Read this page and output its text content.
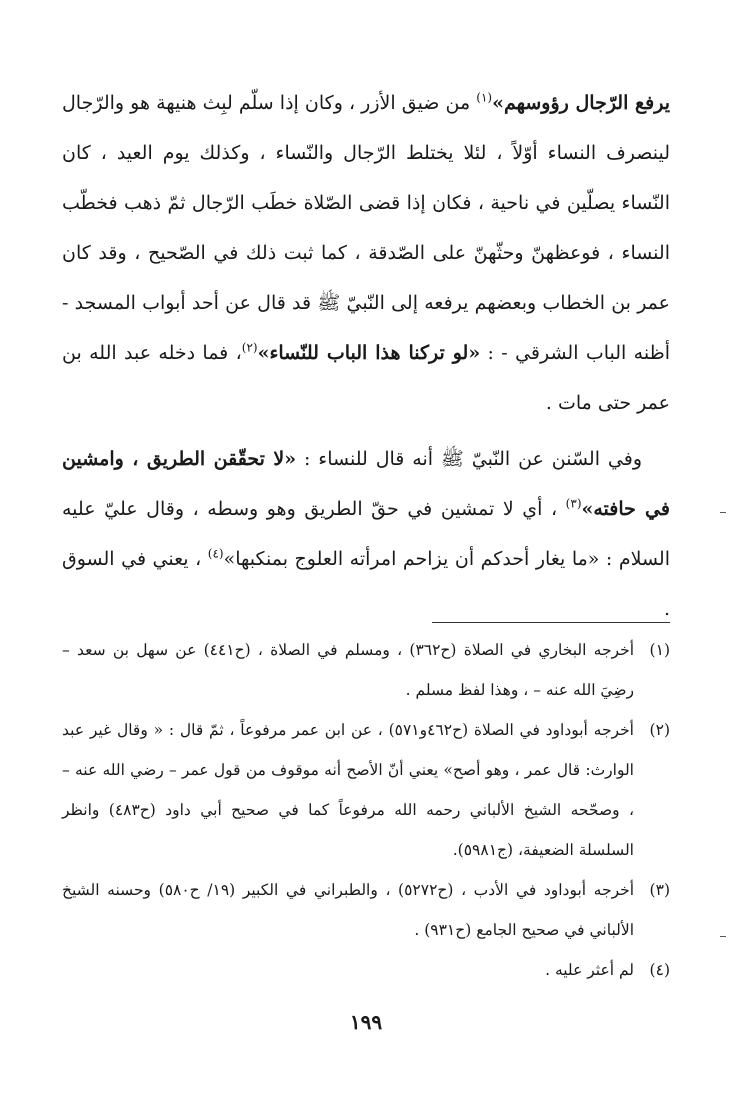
يرفع الرّجال رؤوسهم»$^{(١)}$ من ضيق الأزر ، وكان إذا سلّم لبِث هنيهة هو والرّجال لينصرف النساء أوّلاً ، لئلا يختلط الرّجال والنّساء ، وكذلك يوم العيد ، كان النّساء يصلّين في ناحية ، فكان إذا قضى الصّلاة خطَب الرّجال ثمّ ذهب فخطّب النساء ، فوعظهنّ وحثّهنّ على الصّدقة ، كما ثبت ذلك في الصّحيح ، وقد كان عمر بن الخطاب وبعضهم يرفعه إلى النّبيّ ﷺ قد قال عن أحد أبواب المسجد - أظنه الباب الشرقي - : «لو تركنا هذا الباب للنّساء»$^{(٢)}$، فما دخله عبد الله بن عمر حتى مات .

وفي السّنن عن النّبيّ ﷺ أنه قال للنساء : «لا تحقّقن الطريق ، وامشين في حافته»$^{(٣)}$ ، أي لا تمشين في حقّ الطريق وهو وسطه ، وقال عليّ عليه السلام : «ما يغار أحدكم أن يزاحم امرأته العلوج بمنكبها»$^{(٤)}$ ، يعني في السوق .

(١)
أخرجه البخاري في الصلاة (ح٣٦٢) ، ومسلم في الصلاة ، (ح٤٤١) عن سهل بن سعد – رضِيَ الله عنه – ، وهذا لفظ مسلم .
(٢)
أخرجه أبوداود في الصلاة (ح٤٦٢و٥٧١) ، عن ابن عمر مرفوعاً ، ثمّ قال : « وقال غير عبد الوارث: قال عمر ، وهو أصح» يعني أنّ الأصح أنه موقوف من قول عمر – رضي الله عنه – ، وصحّحه الشيخ الألباني رحمه الله مرفوعاً كما في صحيح أبي داود (ح٤٨٣) وانظر السلسلة الضعيفة، (ج٥٩٨١).
(٣)
أخرجه أبوداود في الأدب ، (ح٥٢٧٢) ، والطبراني في الكبير (١٩/ ح٥٨٠) وحسنه الشيخ الألباني في صحيح الجامع (ح٩٣١) .
(٤)
لم أعثر عليه .
١٩٩
